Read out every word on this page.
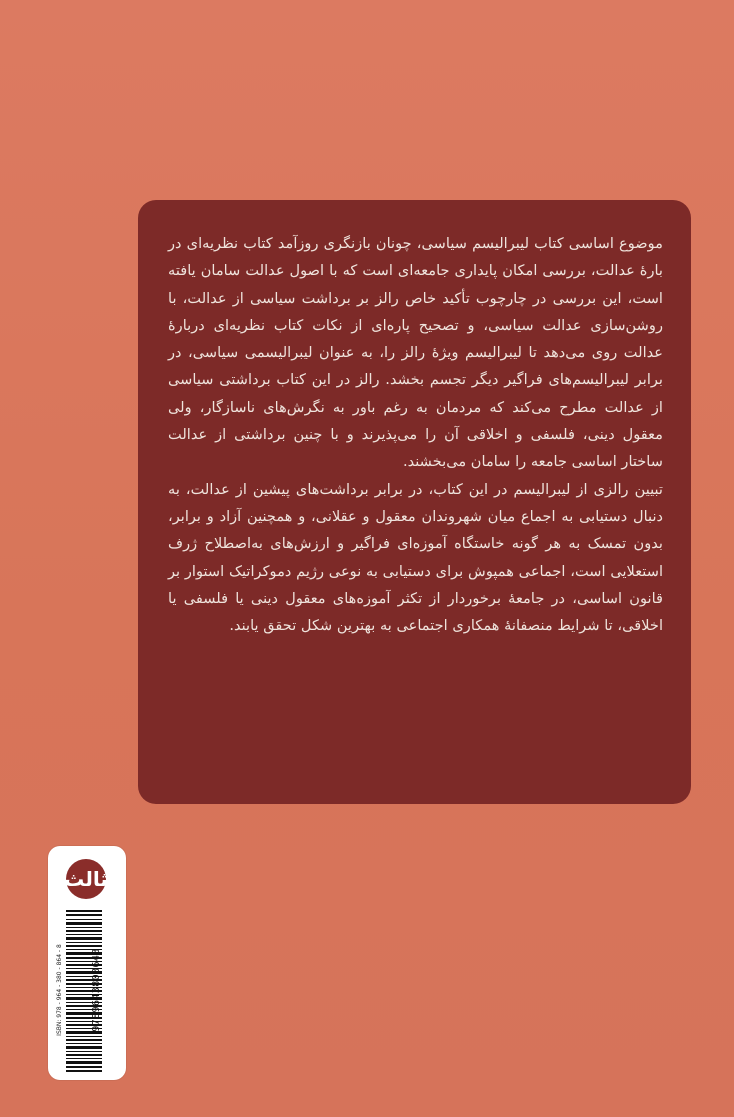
موضوع اساسی کتاب لیبرالیسم سیاسی، چونان بازنگری روزآمد کتاب نظریه‌ای در بارهٔ عدالت، بررسی امکان پایداری جامعه‌ای است که با اصول عدالت سامان یافته است، این بررسی در چارچوب تأکید خاص رالز بر برداشت سیاسی از عدالت، با روشن‌سازی عدالت سیاسی، و تصحیح پاره‌ای از نکات کتاب نظریه‌ای دربارهٔ عدالت روی می‌دهد تا لیبرالیسم ویژهٔ رالز را، به عنوان لیبرالیسمی سیاسی، در برابر لیبرالیسم‌های فراگیر دیگر تجسم بخشد. رالز در این کتاب برداشتی سیاسی از عدالت مطرح می‌کند که مردمان به رغم باور به نگرش‌های ناسازگار، ولی معقول دینی، فلسفی و اخلاقی آن را می‌پذیرند و با چنین برداشتی از عدالت ساختار اساسی جامعه را سامان می‌بخشند.

تبیین رالزی از لیبرالیسم در این کتاب، در برابر برداشت‌های پیشین از عدالت، به دنبال دستیابی به اجماع میان شهروندان معقول و عقلانی، و همچنین آزاد و برابر، بدون تمسک به هر گونه خاستگاه آموزه‌ای فراگیر و ارزش‌های به‌اصطلاح ژرف استعلایی است، اجماعی همپوش برای دستیابی به نوعی رژیم دموکراتیک استوار بر قانون اساسی، در جامعهٔ برخوردار از تکثر آموزه‌های معقول دینی یا فلسفی یا اخلاقی، تا شرایط منصفانهٔ همکاری اجتماعی به بهترین شکل تحقق یابند.

ثالث
9789643808648
ISBN: 978 - 964 - 380 - 864 - 8
